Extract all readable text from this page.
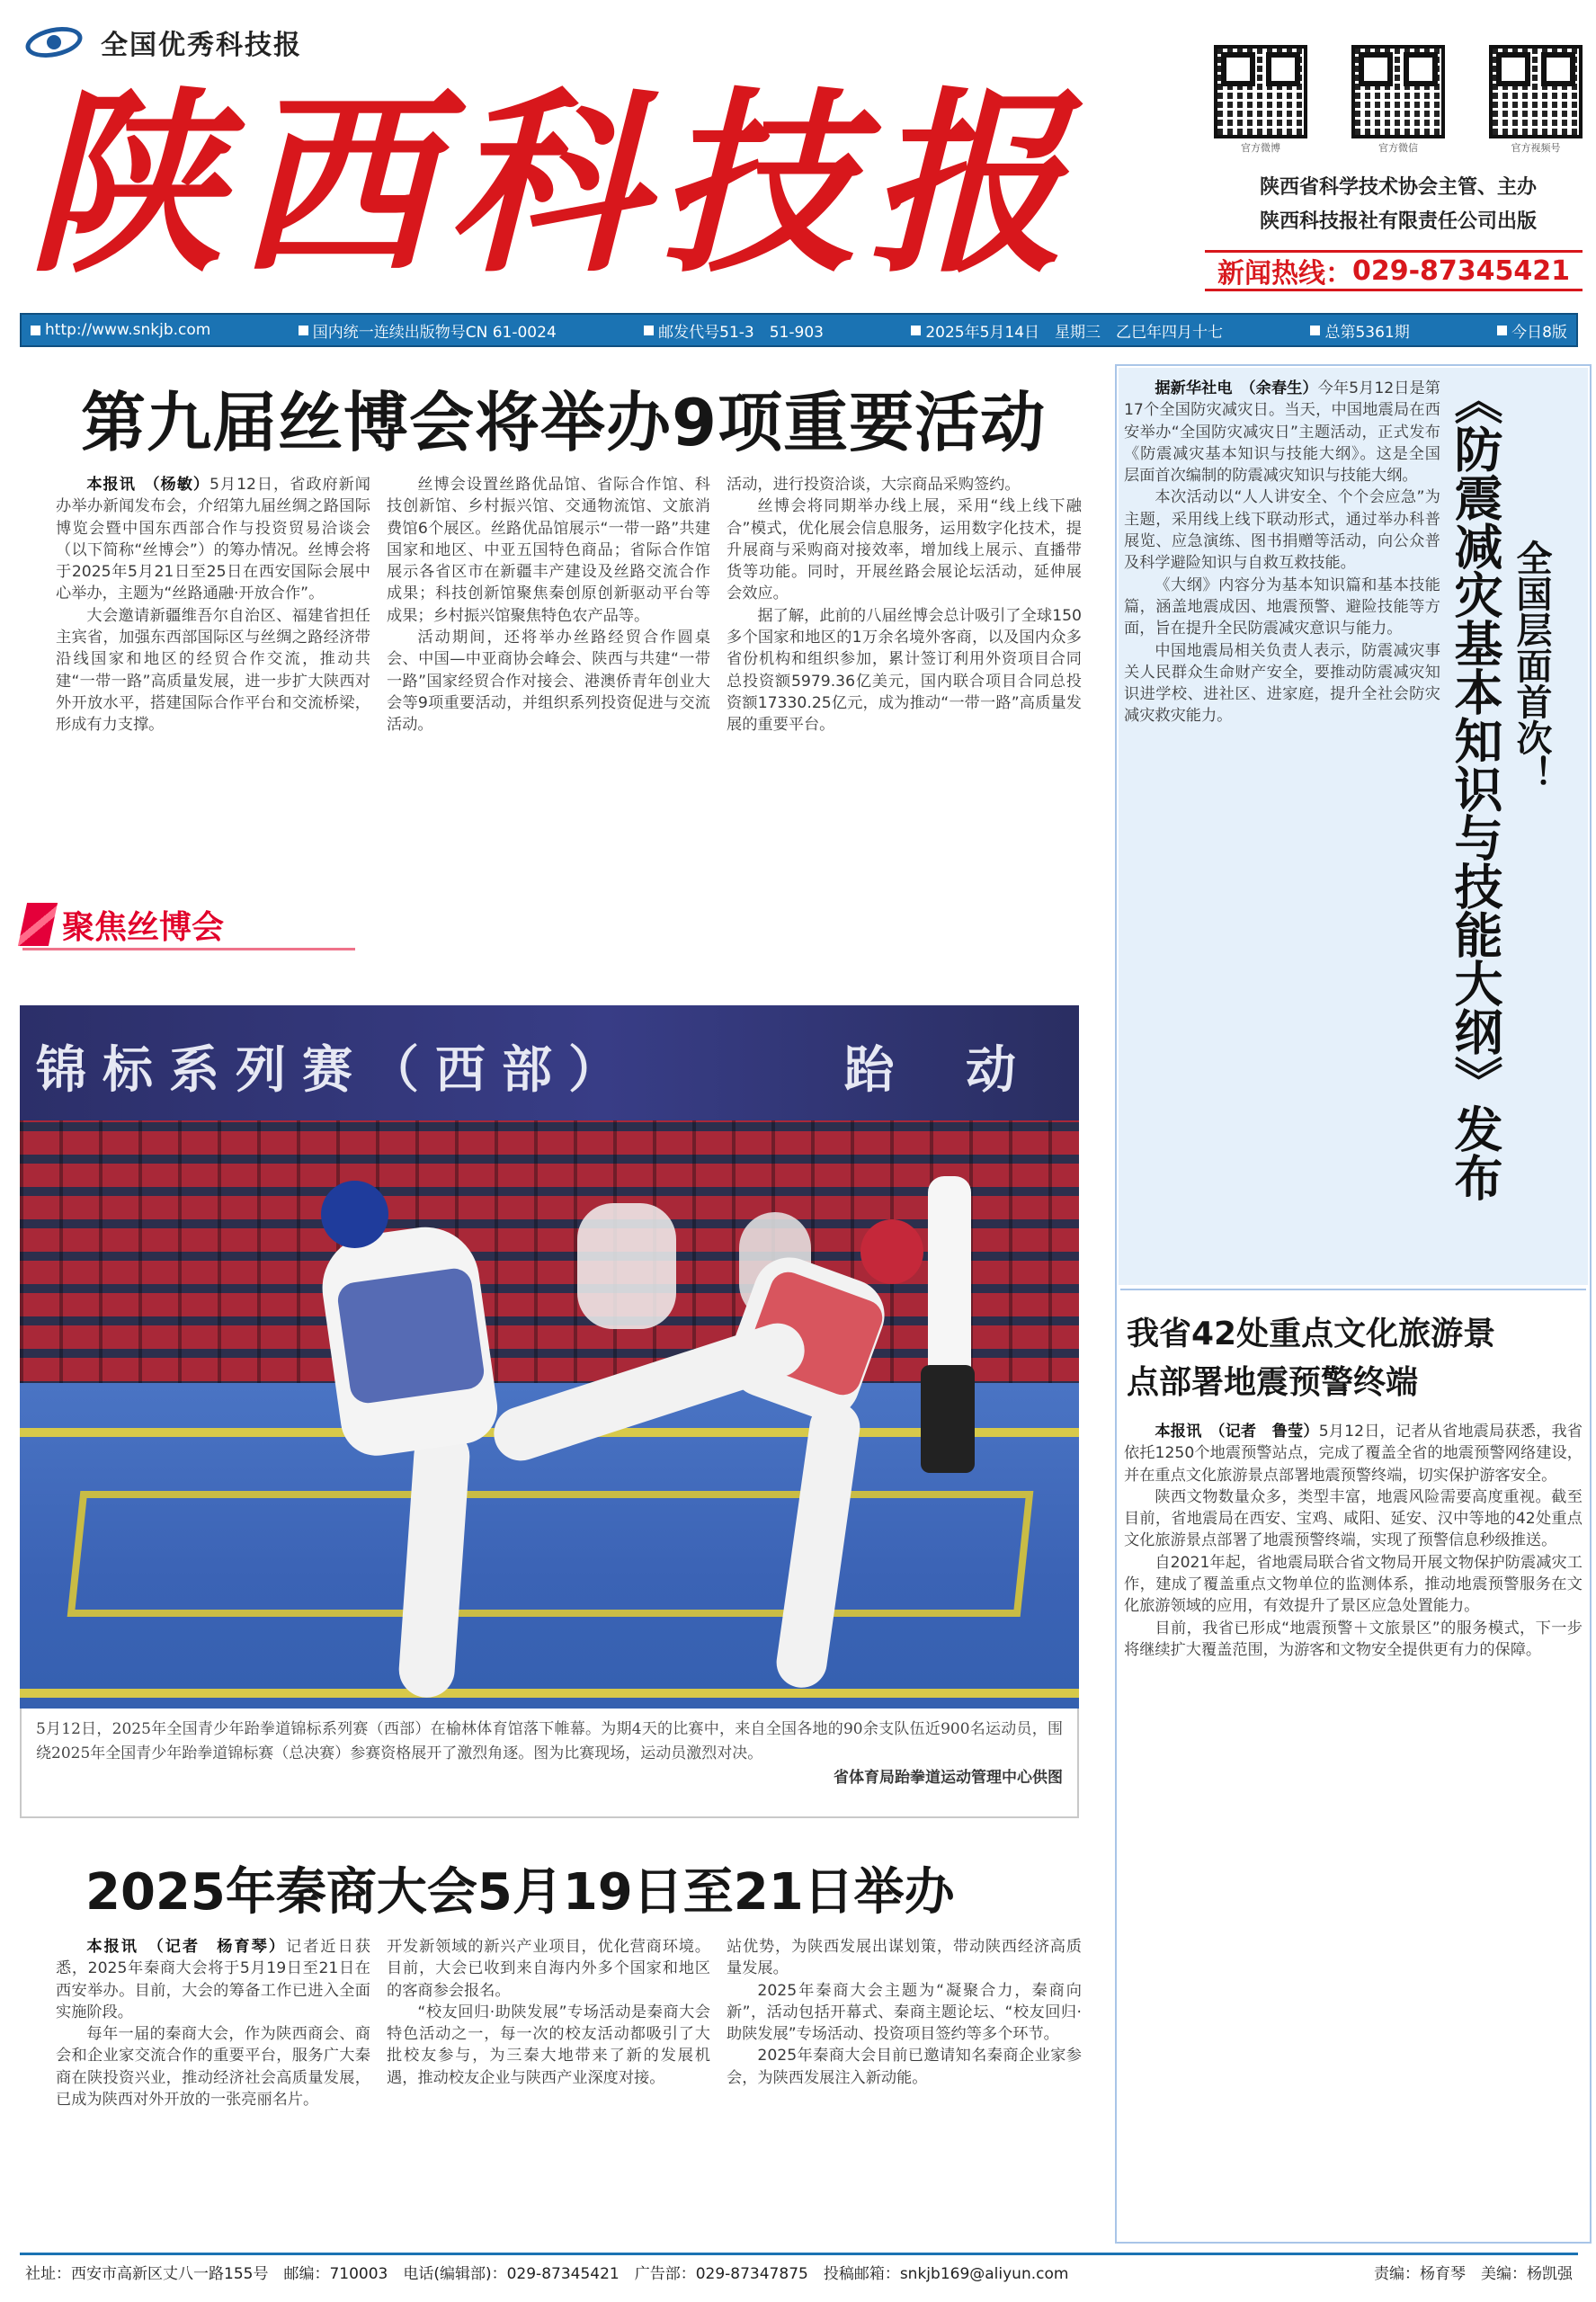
全国优秀科技报
陕西科技报	官方微博	官方微信	官方视频号
陕西省科学技术协会主管、主办
陕西科技报社有限责任公司出版
新闻热线： 029-87345421
http://www.snkjb.com	国内统一连续出版物号CN 61-0024	邮发代号51-3　51-903	2025年5月14日　星期三　乙巳年四月十七	总第5361期	今日8版
第九届丝博会将举办9项重要活动

本报讯　（杨敏）5月12日，省政府新闻办举办新闻发布会，介绍第九届丝绸之路国际博览会暨中国东西部合作与投资贸易洽谈会（以下简称“丝博会”）的筹办情况。丝博会将于2025年5月21日至25日在西安国际会展中心举办，主题为“丝路通融·开放合作”。

大会邀请新疆维吾尔自治区、福建省担任主宾省，加强东西部国际区与丝绸之路经济带沿线国家和地区的经贸合作交流，推动共建“一带一路”高质量发展，进一步扩大陕西对外开放水平，搭建国际合作平台和交流桥梁，形成有力支撑。

丝博会设置丝路优品馆、省际合作馆、科技创新馆、乡村振兴馆、交通物流馆、文旅消费馆6个展区。丝路优品馆展示“一带一路”共建国家和地区、中亚五国特色商品；省际合作馆展示各省区市在新疆丰产建设及丝路交流合作成果；科技创新馆聚焦秦创原创新驱动平台等成果；乡村振兴馆聚焦特色农产品等。

活动期间，还将举办丝路经贸合作圆桌会、中国—中亚商协会峰会、陕西与共建“一带一路”国家经贸合作对接会、港澳侨青年创业大会等9项重要活动，并组织系列投资促进与交流活动。

活动，进行投资洽谈，大宗商品采购签约。

丝博会将同期举办线上展，采用“线上线下融合”模式，优化展会信息服务，运用数字化技术，提升展商与采购商对接效率，增加线上展示、直播带货等功能。同时，开展丝路会展论坛活动，延伸展会效应。

据了解，此前的八届丝博会总计吸引了全球150多个国家和地区的1万余名境外客商，以及国内众多省份机构和组织参加，累计签订利用外资项目合同总投资额5979.36亿美元，国内联合项目合同总投资额17330.25亿元，成为推动“一带一路”高质量发展的重要平台。

聚焦丝博会
锦标系列赛（西部）	跆 动
5月12日，2025年全国青少年跆拳道锦标系列赛（西部）在榆林体育馆落下帷幕。为期4天的比赛中，来自全国各地的90余支队伍近900名运动员，围绕2025年全国青少年跆拳道锦标赛（总决赛）参赛资格展开了激烈角逐。图为比赛现场，运动员激烈对决。
省体育局跆拳道运动管理中心供图
2025年秦商大会5月19日至21日举办

本报讯　（记者　杨育琴）记者近日获悉，2025年秦商大会将于5月19日至21日在西安举办。目前，大会的筹备工作已进入全面实施阶段。

每年一届的秦商大会，作为陕西商会、商会和企业家交流合作的重要平台，服务广大秦商在陕投资兴业，推动经济社会高质量发展，已成为陕西对外开放的一张亮丽名片。

开发新领域的新兴产业项目，优化营商环境。目前，大会已收到来自海内外多个国家和地区的客商参会报名。

“校友回归·助陕发展”专场活动是秦商大会特色活动之一，每一次的校友活动都吸引了大批校友参与，为三秦大地带来了新的发展机遇，推动校友企业与陕西产业深度对接。

站优势，为陕西发展出谋划策，带动陕西经济高质量发展。

2025年秦商大会主题为“凝聚合力，秦商向新”，活动包括开幕式、秦商主题论坛、“校友回归·助陕发展”专场活动、投资项目签约等多个环节。

2025年秦商大会目前已邀请知名秦商企业家参会，为陕西发展注入新动能。

据新华社电　（余春生）今年5月12日是第17个全国防灾减灾日。当天，中国地震局在西安举办“全国防灾减灾日”主题活动，正式发布《防震减灾基本知识与技能大纲》。这是全国层面首次编制的防震减灾知识与技能大纲。

本次活动以“人人讲安全、个个会应急”为主题，采用线上线下联动形式，通过举办科普展览、应急演练、图书捐赠等活动，向公众普及科学避险知识与自救互救技能。

《大纲》内容分为基本知识篇和基本技能篇，涵盖地震成因、地震预警、避险技能等方面，旨在提升全民防震减灾意识与能力。

中国地震局相关负责人表示，防震减灾事关人民群众生命财产安全，要推动防震减灾知识进学校、进社区、进家庭，提升全社会防灾减灾救灾能力。	《防震减灾基本知识与技能大纲》发布 全国层面首次！
我省42处重点文化旅游景点部署地震预警终端

本报讯　（记者　鲁莹）5月12日，记者从省地震局获悉，我省依托1250个地震预警站点，完成了覆盖全省的地震预警网络建设，并在重点文化旅游景点部署地震预警终端，切实保护游客安全。

陕西文物数量众多，类型丰富，地震风险需要高度重视。截至目前，省地震局在西安、宝鸡、咸阳、延安、汉中等地的42处重点文化旅游景点部署了地震预警终端，实现了预警信息秒级推送。

自2021年起，省地震局联合省文物局开展文物保护防震减灾工作，建成了覆盖重点文物单位的监测体系，推动地震预警服务在文化旅游领域的应用，有效提升了景区应急处置能力。

目前，我省已形成“地震预警＋文旅景区”的服务模式，下一步将继续扩大覆盖范围，为游客和文物安全提供更有力的保障。

社址：西安市高新区丈八一路155号　邮编：710003　电话(编辑部)：029-87345421　广告部：029-87347875　投稿邮箱：snkjb169@aliyun.com	责编：杨育琴　美编：杨凯强
